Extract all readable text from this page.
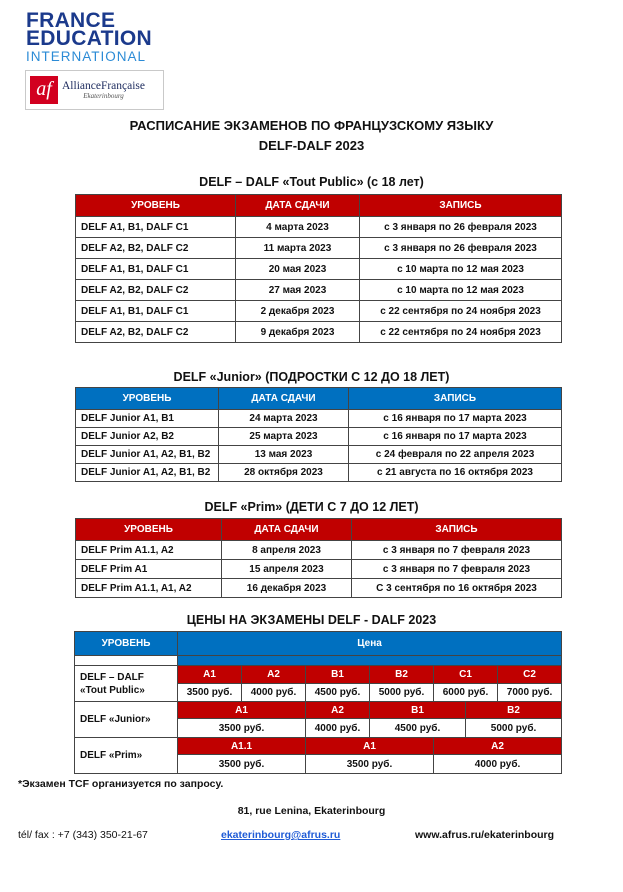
FRANCE
EDUCATION
INTERNATIONAL
af AllianceFrançaise
Ekaterinbourg
РАСПИСАНИЕ ЭКЗАМЕНОВ ПО ФРАНЦУЗСКОМУ ЯЗЫКУ
DELF-DALF 2023
DELF – DALF «Tout Public» (с 18 лет)
УРОВЕНЬ	ДАТА СДАЧИ	ЗАПИСЬ
DELF A1, B1, DALF C1	4 марта 2023	с 3 января по 26 февраля 2023
DELF A2, B2, DALF C2	11 марта 2023	с 3 января по 26 февраля 2023
DELF A1, B1, DALF C1	20 мая 2023	с 10 марта по 12 мая 2023
DELF A2, B2, DALF C2	27 мая 2023	с 10 марта по 12 мая 2023
DELF A1, B1, DALF C1	2 декабря 2023	с 22 сентября по 24 ноября 2023
DELF A2, B2, DALF C2	9 декабря 2023	с 22 сентября по 24 ноября 2023
DELF «Junior» (ПОДРОСТКИ С 12 ДО 18 ЛЕТ)
УРОВЕНЬ	ДАТА СДАЧИ	ЗАПИСЬ
DELF Junior A1, B1	24 марта 2023	с 16 января по 17 марта 2023
DELF Junior A2, B2	25 марта 2023	с 16 января по 17 марта 2023
DELF Junior A1, A2, B1, B2	13 мая 2023	с 24 февраля по 22 апреля 2023
DELF Junior A1, A2, B1, B2	28 октября 2023	с 21 августа по 16 октября 2023
DELF «Prim» (ДЕТИ С 7 ДО 12 ЛЕТ)
УРОВЕНЬ	ДАТА СДАЧИ	ЗАПИСЬ
DELF Prim A1.1, A2	8 апреля 2023	с 3 января по 7 февраля 2023
DELF Prim A1	15 апреля 2023	с 3 января по 7 февраля 2023
DELF Prim A1.1, A1, A2	16 декабря 2023	С 3 сентября по 16 октября 2023
ЦЕНЫ НА ЭКЗАМЕНЫ DELF - DALF 2023
УРОВЕНЬ	Цена						

DELF – DALF
«Tout Public»	A1	A2	B1	B2	C1		C2
	3500 руб.	4000 руб.	4500 руб.	5000 руб.	6000 руб.		7000 руб.
DELF «Junior»	A1		A2	B1		B2	
	3500 руб.		4000 руб.	4500 руб.		5000 руб.	
DELF «Prim»	A1.1		A1		A2		
	3500 руб.		3500 руб.		4000 руб.		
*Экзамен TCF организуется по запросу.
81, rue Lenina, Ekaterinbourg
tél/ fax : +7 (343) 350-21-67	ekaterinbourg@afrus.ru	www.afrus.ru/ekaterinbourg
